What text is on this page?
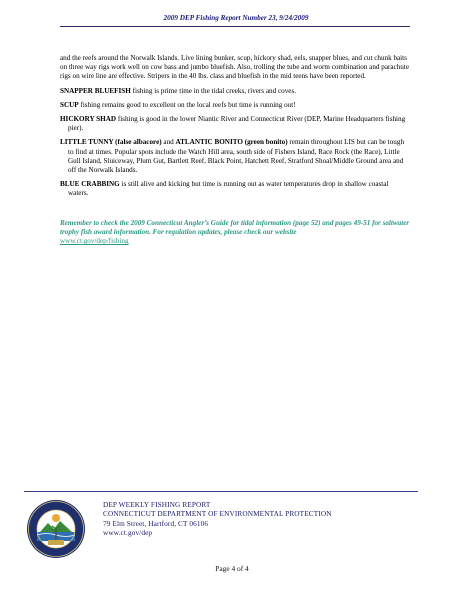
2009 DEP Fishing Report Number 23, 9/24/2009

and the reefs around the Norwalk Islands. Live lining bunker, scup, hickory shad, eels, snapper blues, and cut chunk baits on three way rigs work well on cow bass and jumbo bluefish. Also, trolling the tube and worm combination and parachute rigs on wire line are effective. Stripers in the 40 lbs. class and bluefish in the mid teens have been reported.

SNAPPER BLUEFISH fishing is prime time in the tidal creeks, rivers and coves.

SCUP fishing remains good to excellent on the local reefs but time is running out!

HICKORY SHAD fishing is good in the lower Niantic River and Connecticut River (DEP, Marine Headquarters fishing pier).

LITTLE TUNNY (false albacore) and ATLANTIC BONITO (green bonito) remain throughout LIS but can be tough to find at times. Popular spots include the Watch Hill area, south side of Fishers Island, Race Rock (the Race), Little Gull Island, Sluiceway, Plum Gut, Bartlett Reef, Black Point, Hatchett Reef, Stratford Shoal/Middle Ground area and off the Norwalk Islands.

BLUE CRABBING is still alive and kicking but time is running out as water temperatures drop in shallow coastal waters.

Remember to check the 2009 Connecticut Angler’s Guide for tidal information (page 52) and pages 49-51 for saltwater trophy fish award information. For regulation updates, please check our website
www.ct.gov/dep/fishing
DEP WEEKLY FISHING REPORT
CONNECTICUT DEPARTMENT OF ENVIRONMENTAL PROTECTION
79 Elm Street, Hartford, CT 06106
www.ct.gov/dep
Page 4 of 4
